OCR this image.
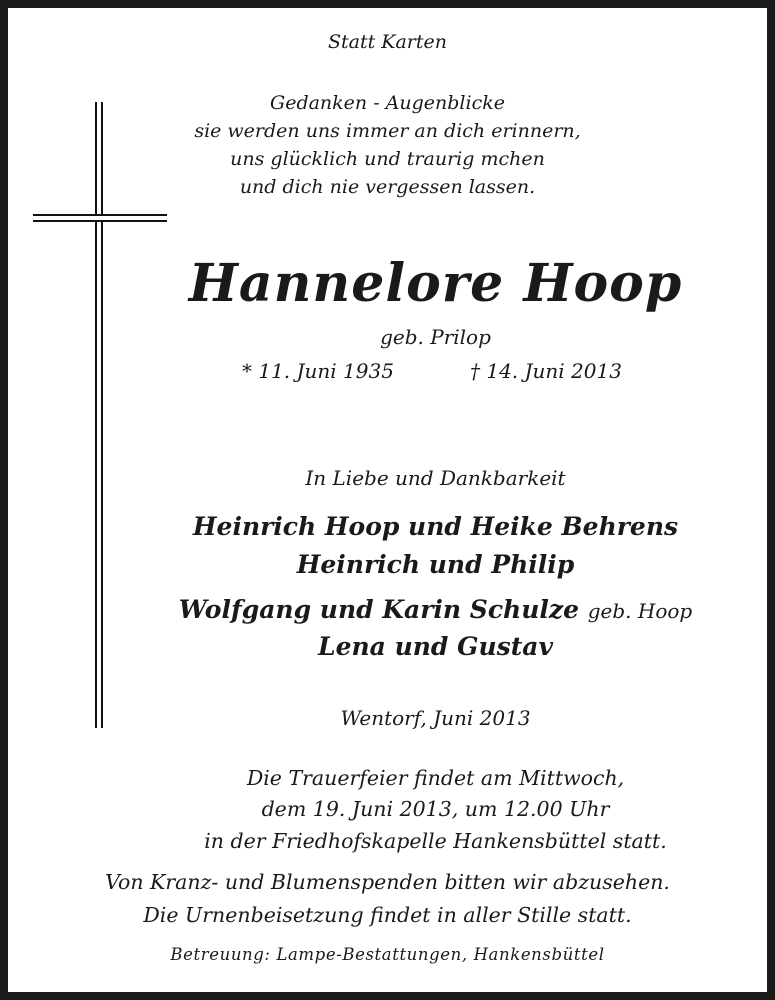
Statt Karten
Gedanken - Augenblicke
sie werden uns immer an dich erinnern,
uns glücklich und traurig mchen
und dich nie vergessen lassen.
Hannelore Hoop
geb. Prilop
* 11. Juni 1935	† 14. Juni 2013
In Liebe und Dankbarkeit
Heinrich Hoop und Heike Behrens
Heinrich und Philip
Wolfgang und Karin Schulze geb. Hoop
Lena und Gustav
Wentorf, Juni 2013
Die Trauerfeier findet am Mittwoch,
dem 19. Juni 2013, um 12.00 Uhr
in der Friedhofskapelle Hankensbüttel statt.
Von Kranz- und Blumenspenden bitten wir abzusehen.
Die Urnenbeisetzung findet in aller Stille statt.
Betreuung: Lampe-Bestattungen, Hankensbüttel
